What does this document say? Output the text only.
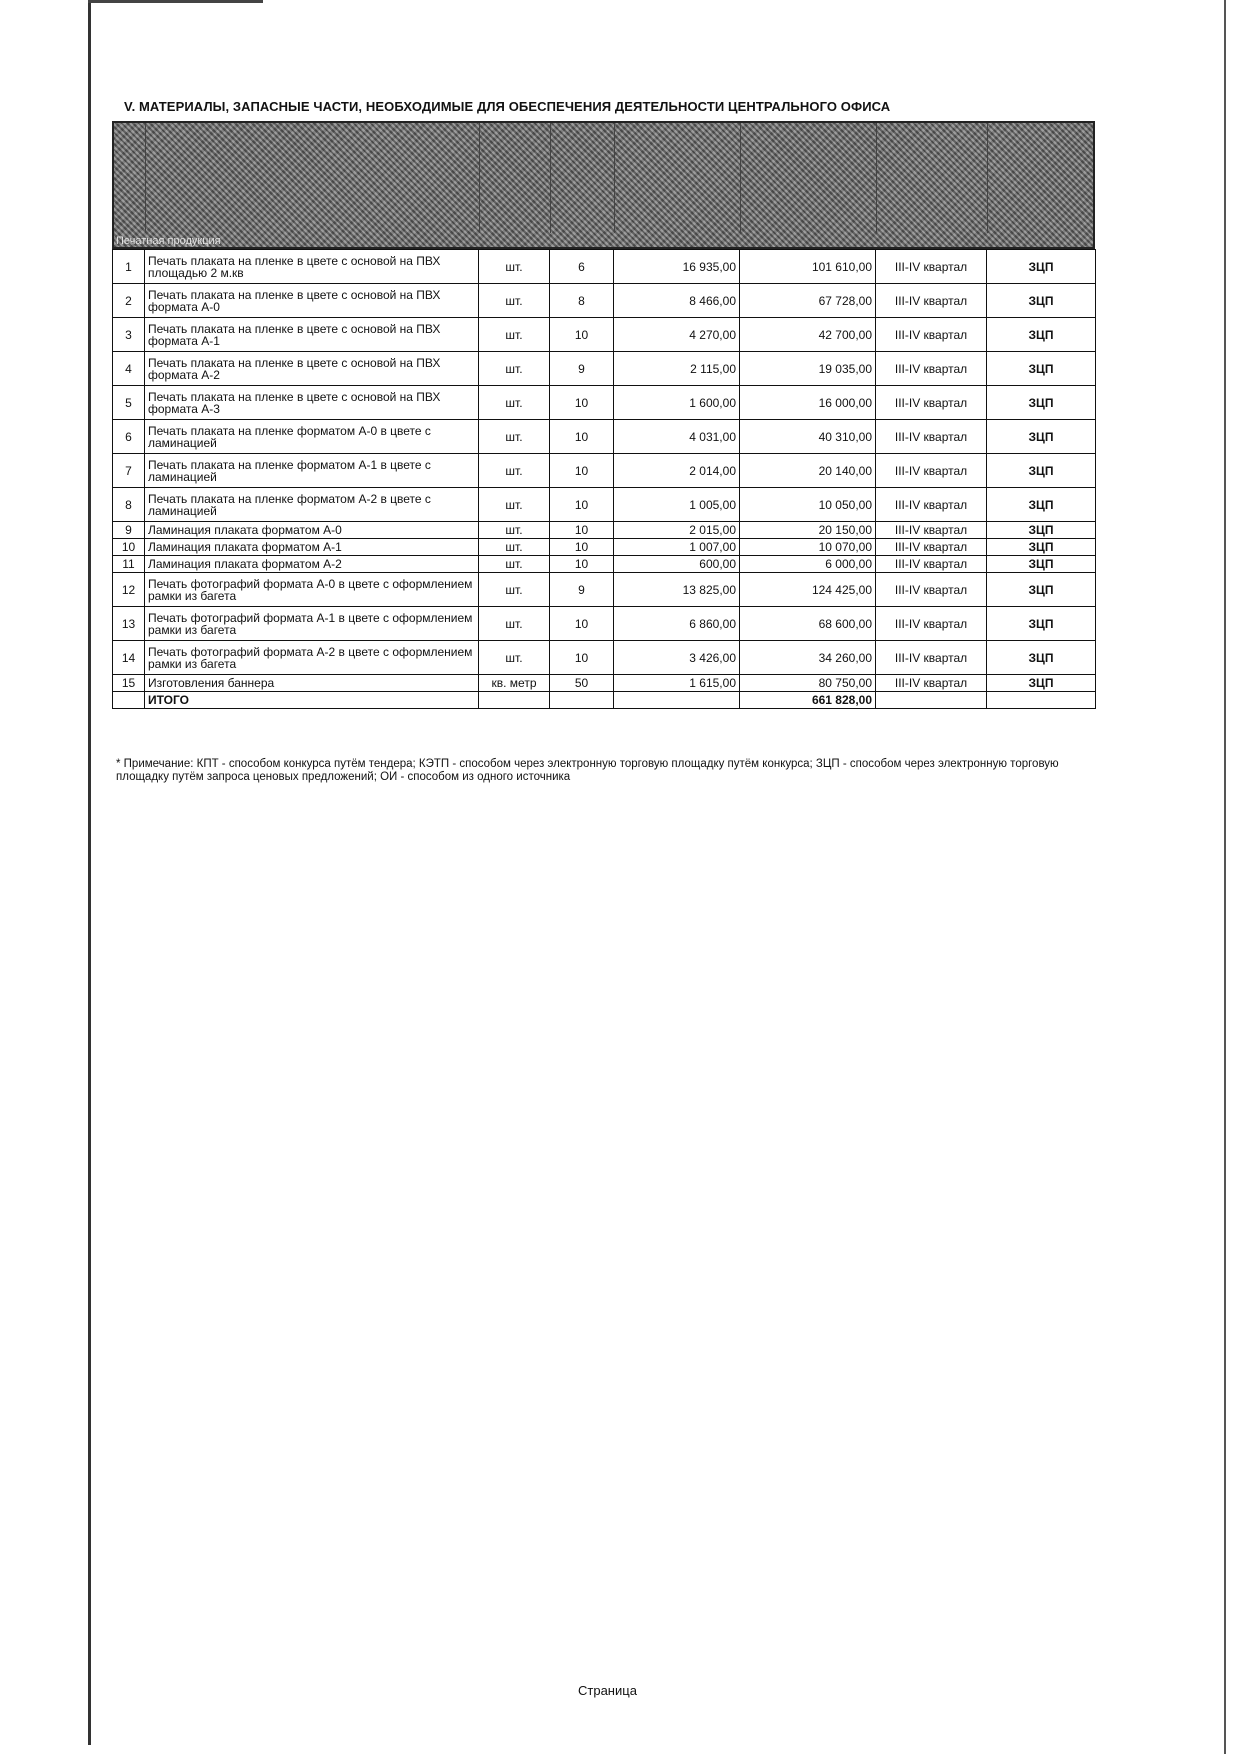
V. МАТЕРИАЛЫ, ЗАПАСНЫЕ ЧАСТИ, НЕОБХОДИМЫЕ ДЛЯ ОБЕСПЕЧЕНИЯ ДЕЯТЕЛЬНОСТИ ЦЕНТРАЛЬНОГО ОФИСА
Печатная продукция
1	Печать плаката на пленке в цвете с основой на ПВХ площадью 2 м.кв	шт.	6	16 935,00	101 610,00	III-IV квартал	ЗЦП
2	Печать плаката на пленке в цвете с основой на ПВХ формата А-0	шт.	8	8 466,00	67 728,00	III-IV квартал	ЗЦП
3	Печать плаката на пленке в цвете с основой на ПВХ формата А-1	шт.	10	4 270,00	42 700,00	III-IV квартал	ЗЦП
4	Печать плаката на пленке в цвете с основой на ПВХ формата А-2	шт.	9	2 115,00	19 035,00	III-IV квартал	ЗЦП
5	Печать плаката на пленке в цвете с основой на ПВХ формата А-3	шт.	10	1 600,00	16 000,00	III-IV квартал	ЗЦП
6	Печать плаката на пленке форматом А-0 в цвете с ламинацией	шт.	10	4 031,00	40 310,00	III-IV квартал	ЗЦП
7	Печать плаката на пленке форматом А-1 в цвете с ламинацией	шт.	10	2 014,00	20 140,00	III-IV квартал	ЗЦП
8	Печать плаката на пленке форматом А-2 в цвете с ламинацией	шт.	10	1 005,00	10 050,00	III-IV квартал	ЗЦП
9	Ламинация плаката форматом А-0	шт.	10	2 015,00	20 150,00	III-IV квартал	ЗЦП
10	Ламинация плаката форматом А-1	шт.	10	1 007,00	10 070,00	III-IV квартал	ЗЦП
11	Ламинация плаката форматом А-2	шт.	10	600,00	6 000,00	III-IV квартал	ЗЦП
12	Печать фотографий формата А-0 в цвете с оформлением рамки из багета	шт.	9	13 825,00	124 425,00	III-IV квартал	ЗЦП
13	Печать фотографий формата А-1 в цвете с оформлением рамки из багета	шт.	10	6 860,00	68 600,00	III-IV квартал	ЗЦП
14	Печать фотографий формата А-2 в цвете с оформлением рамки из багета	шт.	10	3 426,00	34 260,00	III-IV квартал	ЗЦП
15	Изготовления баннера	кв. метр	50	1 615,00	80 750,00	III-IV квартал	ЗЦП
	ИТОГО				661 828,00		
* Примечание: КПТ - способом конкурса путём тендера; КЭТП - способом через электронную торговую площадку путём конкурса; ЗЦП - способом через электронную торговую площадку путём запроса ценовых предложений; ОИ - способом из одного источника
Страница
